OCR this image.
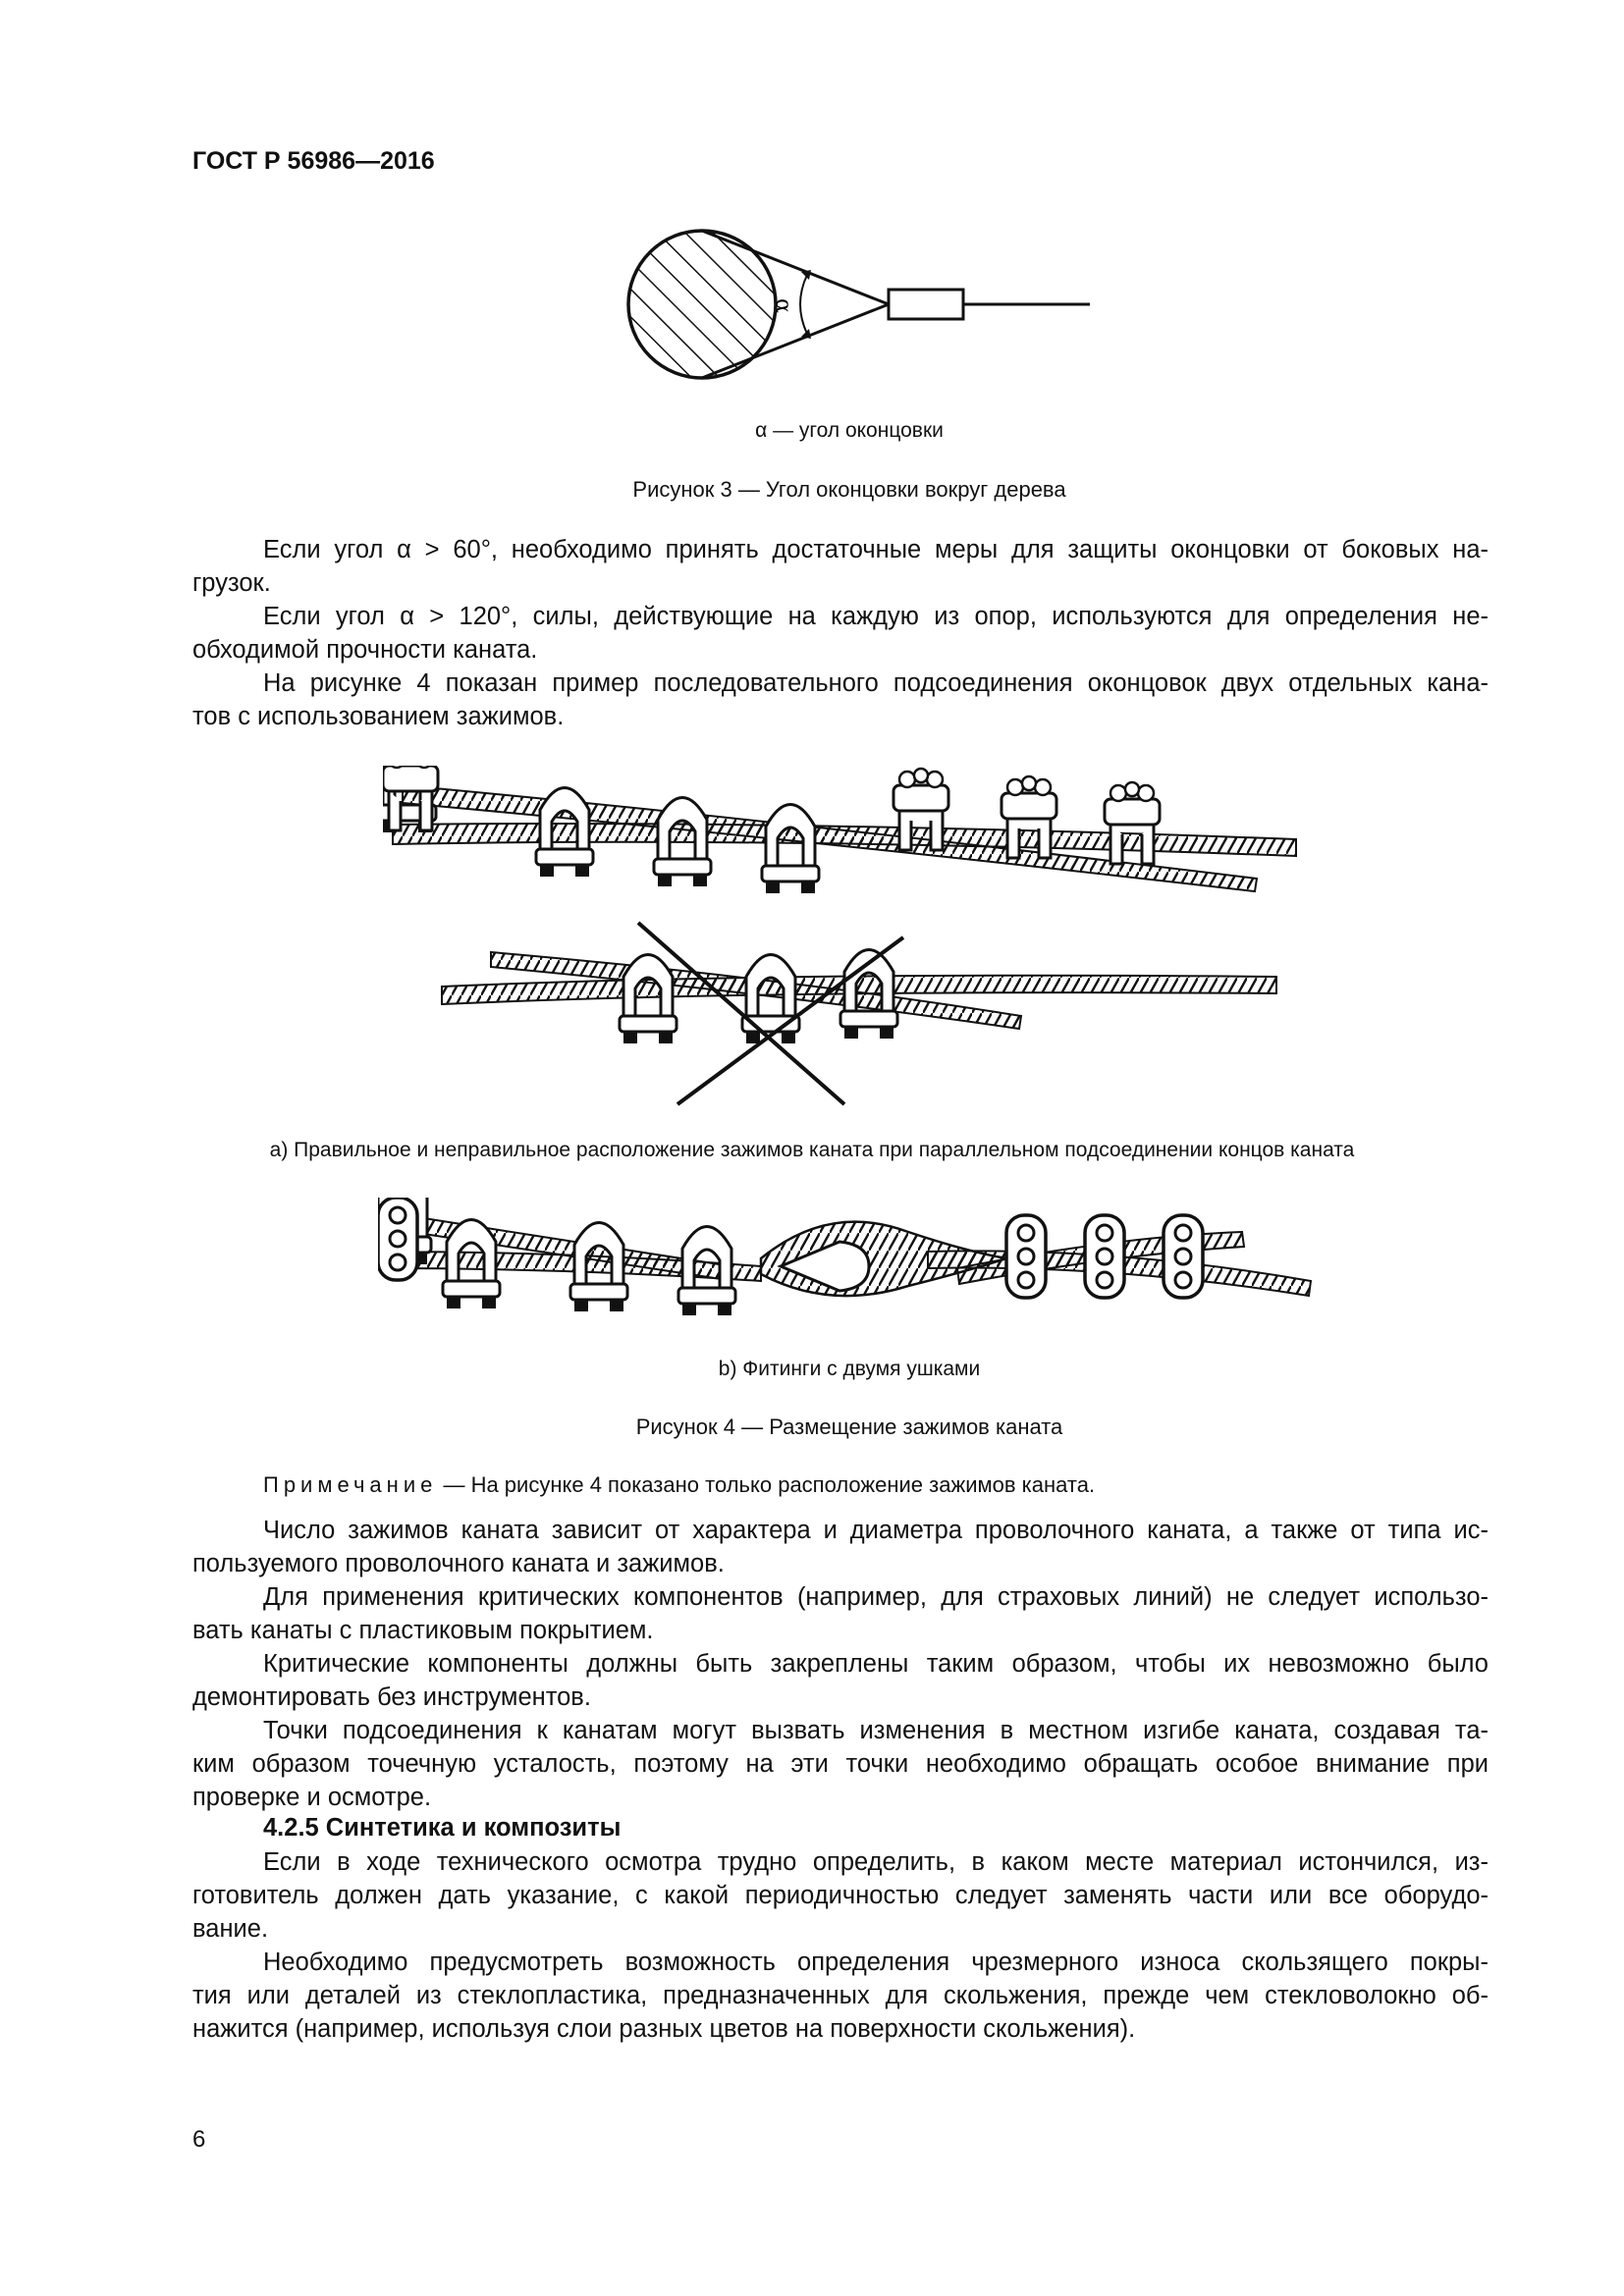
ГОСТ Р 56986—2016
α
α — угол оконцовки
Рисунок 3 — Угол оконцовки вокруг дерева
Если угол α > 60°, необходимо принять достаточные меры для защиты оконцовки от боковых на-
грузок.
Если угол α > 120°, силы, действующие на каждую из опор, используются для определения не-
обходимой прочности каната.
На рисунке 4 показан пример последовательного подсоединения оконцовок двух отдельных кана-
тов с использованием зажимов.
а) Правильное и неправильное расположение зажимов каната при параллельном подсоединении концов каната
b) Фитинги с двумя ушками
Рисунок 4 — Размещение зажимов каната
Примечание — На рисунке 4 показано только расположение зажимов каната.
Число зажимов каната зависит от характера и диаметра проволочного каната, а также от типа ис-
пользуемого проволочного каната и зажимов.
Для применения критических компонентов (например, для страховых линий) не следует использо-
вать канаты с пластиковым покрытием.
Критические компоненты должны быть закреплены таким образом, чтобы их невозможно было
демонтировать без инструментов.
Точки подсоединения к канатам могут вызвать изменения в местном изгибе каната, создавая та-
ким образом точечную усталость, поэтому на эти точки необходимо обращать особое внимание при
проверке и осмотре.
4.2.5 Синтетика и композиты
Если в ходе технического осмотра трудно определить, в каком месте материал истончился, из-
готовитель должен дать указание, с какой периодичностью следует заменять части или все оборудо-
вание.
Необходимо предусмотреть возможность определения чрезмерного износа скользящего покры-
тия или деталей из стеклопластика, предназначенных для скольжения, прежде чем стекловолокно об-
нажится (например, используя слои разных цветов на поверхности скольжения).
6
